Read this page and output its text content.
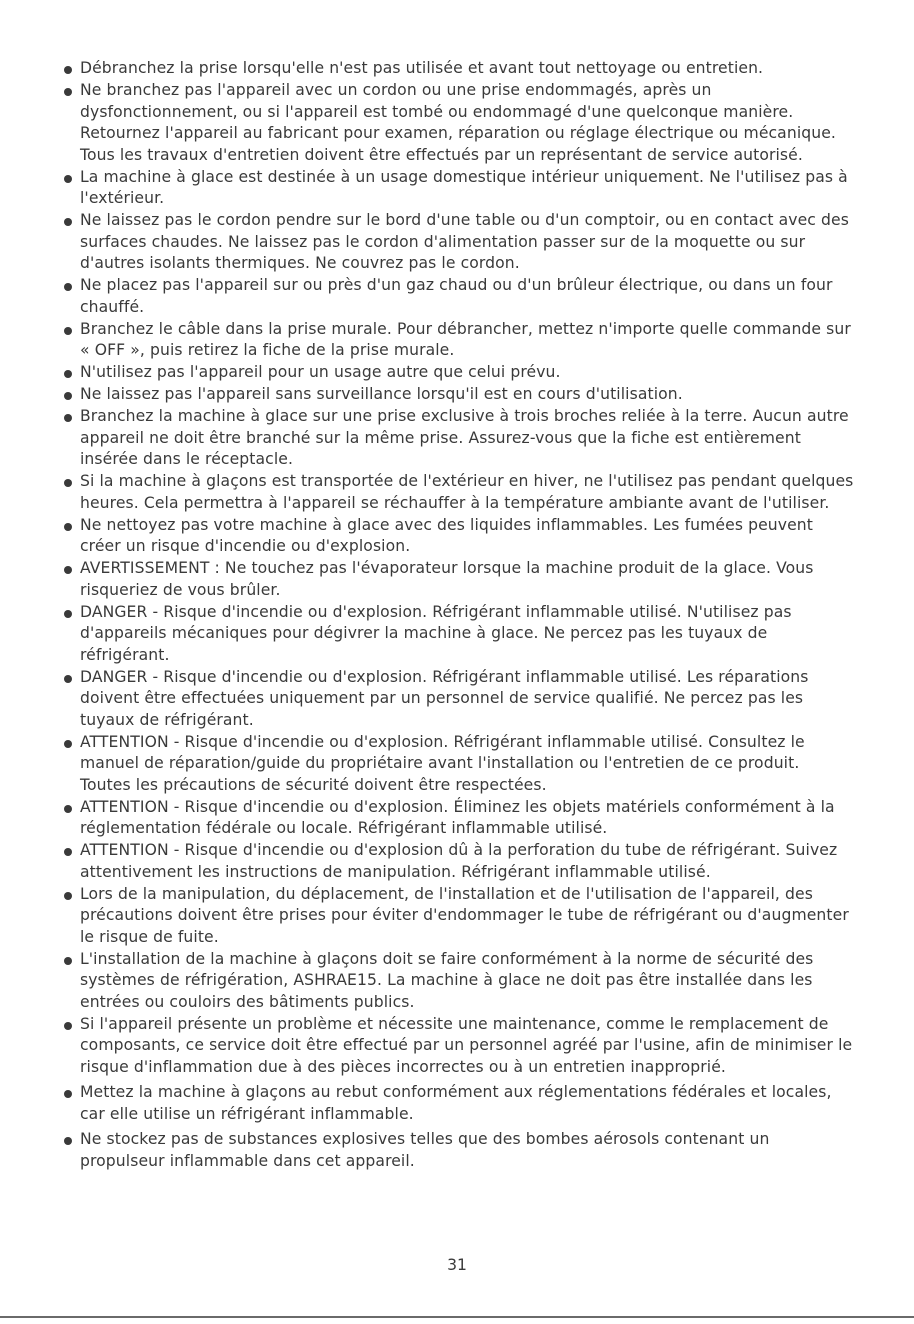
Débranchez la prise lorsqu'elle n'est pas utilisée et avant tout nettoyage ou entretien.
Ne branchez pas l'appareil avec un cordon ou une prise endommagés, après un dysfonctionnement, ou si l'appareil est tombé ou endommagé d'une quelconque manière. Retournez l'appareil au fabricant pour examen, réparation ou réglage électrique ou mécanique. Tous les travaux d'entretien doivent être effectués par un représentant de service autorisé.
La machine à glace est destinée à un usage domestique intérieur uniquement. Ne l'utilisez pas à l'extérieur.
Ne laissez pas le cordon pendre sur le bord d'une table ou d'un comptoir, ou en contact avec des surfaces chaudes. Ne laissez pas le cordon d'alimentation passer sur de la moquette ou sur d'autres isolants thermiques. Ne couvrez pas le cordon.
Ne placez pas l'appareil sur ou près d'un gaz chaud ou d'un brûleur électrique, ou dans un four chauffé.
Branchez le câble dans la prise murale. Pour débrancher, mettez n'importe quelle commande sur « OFF », puis retirez la fiche de la prise murale.
N'utilisez pas l'appareil pour un usage autre que celui prévu.
Ne laissez pas l'appareil sans surveillance lorsqu'il est en cours d'utilisation.
Branchez la machine à glace sur une prise exclusive à trois broches reliée à la terre. Aucun autre appareil ne doit être branché sur la même prise. Assurez-vous que la fiche est entièrement insérée dans le réceptacle.
Si la machine à glaçons est transportée de l'extérieur en hiver, ne l'utilisez pas pendant quelques heures. Cela permettra à l'appareil se réchauffer à la température ambiante avant de l'utiliser.
Ne nettoyez pas votre machine à glace avec des liquides inflammables. Les fumées peuvent créer un risque d'incendie ou d'explosion.
AVERTISSEMENT : Ne touchez pas l'évaporateur lorsque la machine produit de la glace. Vous risqueriez de vous brûler.
DANGER - Risque d'incendie ou d'explosion. Réfrigérant inflammable utilisé. N'utilisez pas d'appareils mécaniques pour dégivrer la machine à glace. Ne percez pas les tuyaux de réfrigérant.
DANGER - Risque d'incendie ou d'explosion. Réfrigérant inflammable utilisé. Les réparations doivent être effectuées uniquement par un personnel de service qualifié. Ne percez pas les tuyaux de réfrigérant.
ATTENTION - Risque d'incendie ou d'explosion. Réfrigérant inflammable utilisé. Consultez le manuel de réparation/guide du propriétaire avant l'installation ou l'entretien de ce produit. Toutes les précautions de sécurité doivent être respectées.
ATTENTION - Risque d'incendie ou d'explosion. Éliminez les objets matériels conformément à la réglementation fédérale ou locale. Réfrigérant inflammable utilisé.
ATTENTION - Risque d'incendie ou d'explosion dû à la perforation du tube de réfrigérant. Suivez attentivement les instructions de manipulation. Réfrigérant inflammable utilisé.
Lors de la manipulation, du déplacement, de l'installation et de l'utilisation de l'appareil, des précautions doivent être prises pour éviter d'endommager le tube de réfrigérant ou d'augmenter le risque de fuite.
L'installation de la machine à glaçons doit se faire conformément à la norme de sécurité des systèmes de réfrigération, ASHRAE15. La machine à glace ne doit pas être installée dans les entrées ou couloirs des bâtiments publics.
Si l'appareil présente un problème et nécessite une maintenance, comme le remplacement de composants, ce service doit être effectué par un personnel agréé par l'usine, afin de minimiser le risque d'inflammation due à des pièces incorrectes ou à un entretien inapproprié.
Mettez la machine à glaçons au rebut conformément aux réglementations fédérales et locales, car elle utilise un réfrigérant inflammable.
Ne stockez pas de substances explosives telles que des bombes aérosols contenant un propulseur inflammable dans cet appareil.
31
